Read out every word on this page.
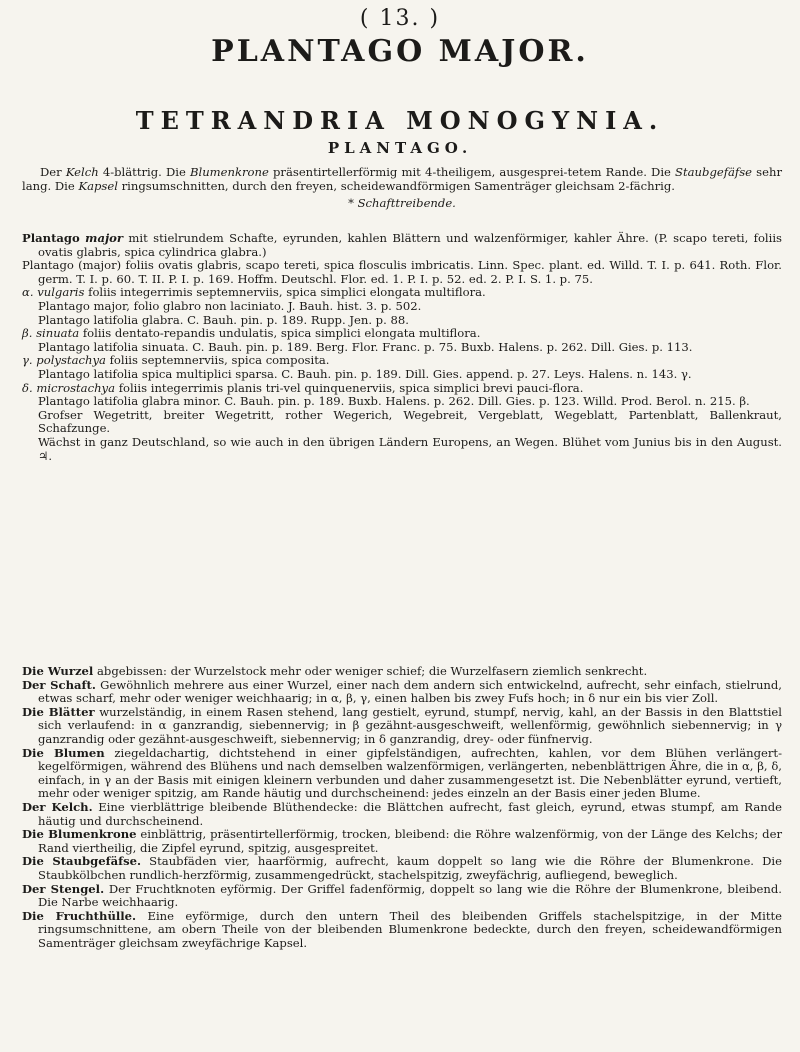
( 13. )
PLANTAGO MAJOR.
TETRANDRIA MONOGYNIA.
PLANTAGO.

Der Kelch 4-blättrig. Die Blumenkrone präsentirtellerförmig mit 4-theiligem, ausgesprei-tetem Rande. Die Staubgefäfse sehr lang. Die Kapsel ringsumschnitten, durch den freyen, scheidewandförmigen Samenträger gleichsam 2-fächrig.

* Schafttreibende.

Plantago major mit stielrundem Schafte, eyrunden, kahlen Blättern und walzenförmiger, kahler Ähre. (P. scapo tereti, foliis ovatis glabris, spica cylindrica glabra.)

Plantago (major) foliis ovatis glabris, scapo tereti, spica flosculis imbricatis. Linn. Spec. plant. ed. Willd. T. I. p. 641. Roth. Flor. germ. T. I. p. 60. T. II. P. I. p. 169. Hoffm. Deutschl. Flor. ed. 1. P. I. p. 52. ed. 2. P. I. S. 1. p. 75.

α. vulgaris foliis integerrimis septemnerviis, spica simplici elongata multiflora.

Plantago major, folio glabro non laciniato. J. Bauh. hist. 3. p. 502.

Plantago latifolia glabra. C. Bauh. pin. p. 189. Rupp. Jen. p. 88.

β. sinuata foliis dentato-repandis undulatis, spica simplici elongata multiflora.

Plantago latifolia sinuata. C. Bauh. pin. p. 189. Berg. Flor. Franc. p. 75. Buxb. Halens. p. 262. Dill. Gies. p. 113.

γ. polystachya foliis septemnerviis, spica composita.

Plantago latifolia spica multiplici sparsa. C. Bauh. pin. p. 189. Dill. Gies. append. p. 27. Leys. Halens. n. 143. γ.

δ. microstachya foliis integerrimis planis tri-vel quinquenerviis, spica simplici brevi pauci-flora.

Plantago latifolia glabra minor. C. Bauh. pin. p. 189. Buxb. Halens. p. 262. Dill. Gies. p. 123. Willd. Prod. Berol. n. 215. β.

Grofser Wegetritt, breiter Wegetritt, rother Wegerich, Wegebreit, Vergeblatt, Wegeblatt, Partenblatt, Ballenkraut, Schafzunge.

Wächst in ganz Deutschland, so wie auch in den übrigen Ländern Europens, an Wegen. Blühet vom Junius bis in den August. ♃.

Die Wurzel abgebissen: der Wurzelstock mehr oder weniger schief; die Wurzelfasern ziemlich senkrecht.

Der Schaft. Gewöhnlich mehrere aus einer Wurzel, einer nach dem andern sich entwickelnd, aufrecht, sehr einfach, stielrund, etwas scharf, mehr oder weniger weichhaarig; in α, β, γ, einen halben bis zwey Fufs hoch; in δ nur ein bis vier Zoll.

Die Blätter wurzelständig, in einem Rasen stehend, lang gestielt, eyrund, stumpf, nervig, kahl, an der Bassis in den Blattstiel sich verlaufend: in α ganzrandig, siebennervig; in β gezähnt-ausgeschweift, wellenförmig, gewöhnlich siebennervig; in γ ganzrandig oder gezähnt-ausgeschweift, siebennervig; in δ ganzrandig, drey- oder fünfnervig.

Die Blumen ziegeldachartig, dichtstehend in einer gipfelständigen, aufrechten, kahlen, vor dem Blühen verlängert-kegelförmigen, während des Blühens und nach demselben walzenförmigen, verlängerten, nebenblättrigen Ähre, die in α, β, δ, einfach, in γ an der Basis mit einigen kleinern verbunden und daher zusammengesetzt ist. Die Nebenblätter eyrund, vertieft, mehr oder weniger spitzig, am Rande häutig und durchscheinend: jedes einzeln an der Basis einer jeden Blume.

Der Kelch. Eine vierblättrige bleibende Blüthendecke: die Blättchen aufrecht, fast gleich, eyrund, etwas stumpf, am Rande häutig und durchscheinend.

Die Blumenkrone einblättrig, präsentirtellerförmig, trocken, bleibend: die Röhre walzenförmig, von der Länge des Kelchs; der Rand viertheilig, die Zipfel eyrund, spitzig, ausgespreitet.

Die Staubgefäfse. Staubfäden vier, haarförmig, aufrecht, kaum doppelt so lang wie die Röhre der Blumenkrone. Die Staubkölbchen rundlich-herzförmig, zusammengedrückt, stachelspitzig, zweyfächrig, aufliegend, beweglich.

Der Stengel. Der Fruchtknoten eyförmig. Der Griffel fadenförmig, doppelt so lang wie die Röhre der Blumenkrone, bleibend. Die Narbe weichhaarig.

Die Fruchthülle. Eine eyförmige, durch den untern Theil des bleibenden Griffels stachelspitzige, in der Mitte ringsumschnittene, am obern Theile von der bleibenden Blumenkrone bedeckte, durch den freyen, scheidewandförmigen Samenträger gleichsam zweyfächrige Kapsel.
